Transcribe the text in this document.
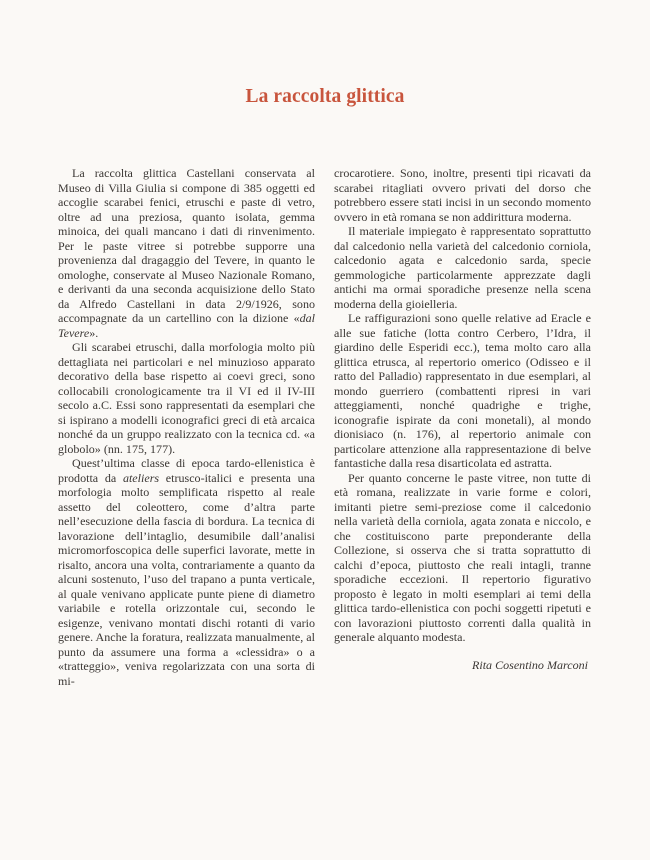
La raccolta glittica

La raccolta glittica Castellani conservata al Museo di Villa Giulia si compone di 385 oggetti ed accoglie scarabei fenici, etruschi e paste di vetro, oltre ad una preziosa, quanto isolata, gemma minoica, dei quali mancano i dati di rinvenimento. Per le paste vitree si potrebbe supporre una provenienza dal dragaggio del Tevere, in quanto le omologhe, conservate al Museo Nazionale Romano, e derivanti da una seconda acquisizione dello Stato da Alfredo Castellani in data 2/9/1926, sono accompagnate da un cartellino con la dizione «dal Tevere».

Gli scarabei etruschi, dalla morfologia molto più dettagliata nei particolari e nel minuzioso apparato decorativo della base rispetto ai coevi greci, sono collocabili cronologicamente tra il VI ed il IV-III secolo a.C. Essi sono rappresentati da esemplari che si ispirano a modelli iconografici greci di età arcaica nonché da un gruppo realizzato con la tecnica cd. «a globolo» (nn. 175, 177).

Quest’ultima classe di epoca tardo-ellenistica è prodotta da ateliers etrusco-italici e presenta una morfologia molto semplificata rispetto al reale assetto del coleottero, come d’altra parte nell’esecuzione della fascia di bordura. La tecnica di lavorazione dell’intaglio, desumibile dall’analisi micromorfoscopica delle superfici lavorate, mette in risalto, ancora una volta, contrariamente a quanto da alcuni sostenuto, l’uso del trapano a punta verticale, al quale venivano applicate punte piene di diametro variabile e rotella orizzontale cui, secondo le esigenze, venivano montati dischi rotanti di vario genere. Anche la foratura, realizzata manualmente, al punto da assumere una forma a «clessidra» o a «tratteggio», veniva regolarizzata con una sorta di mi-

crocarotiere. Sono, inoltre, presenti tipi ricavati da scarabei ritagliati ovvero privati del dorso che potrebbero essere stati incisi in un secondo momento ovvero in età romana se non addirittura moderna.

Il materiale impiegato è rappresentato soprattutto dal calcedonio nella varietà del calcedonio corniola, calcedonio agata e calcedonio sarda, specie gemmologiche particolarmente apprezzate dagli antichi ma ormai sporadiche presenze nella scena moderna della gioielleria.

Le raffigurazioni sono quelle relative ad Eracle e alle sue fatiche (lotta contro Cerbero, l’Idra, il giardino delle Esperidi ecc.), tema molto caro alla glittica etrusca, al repertorio omerico (Odisseo e il ratto del Palladio) rappresentato in due esemplari, al mondo guerriero (combattenti ripresi in vari atteggiamenti, nonché quadrighe e trighe, iconografie ispirate da coni monetali), al mondo dionisiaco (n. 176), al repertorio animale con particolare attenzione alla rappresentazione di belve fantastiche dalla resa disarticolata ed astratta.

Per quanto concerne le paste vitree, non tutte di età romana, realizzate in varie forme e colori, imitanti pietre semi-preziose come il calcedonio nella varietà della corniola, agata zonata e niccolo, e che costituiscono parte preponderante della Collezione, si osserva che si tratta soprattutto di calchi d’epoca, piuttosto che reali intagli, tranne sporadiche eccezioni. Il repertorio figurativo proposto è legato in molti esemplari ai temi della glittica tardo-ellenistica con pochi soggetti ripetuti e con lavorazioni piuttosto correnti dalla qualità in generale alquanto modesta.

Rita Cosentino Marconi
